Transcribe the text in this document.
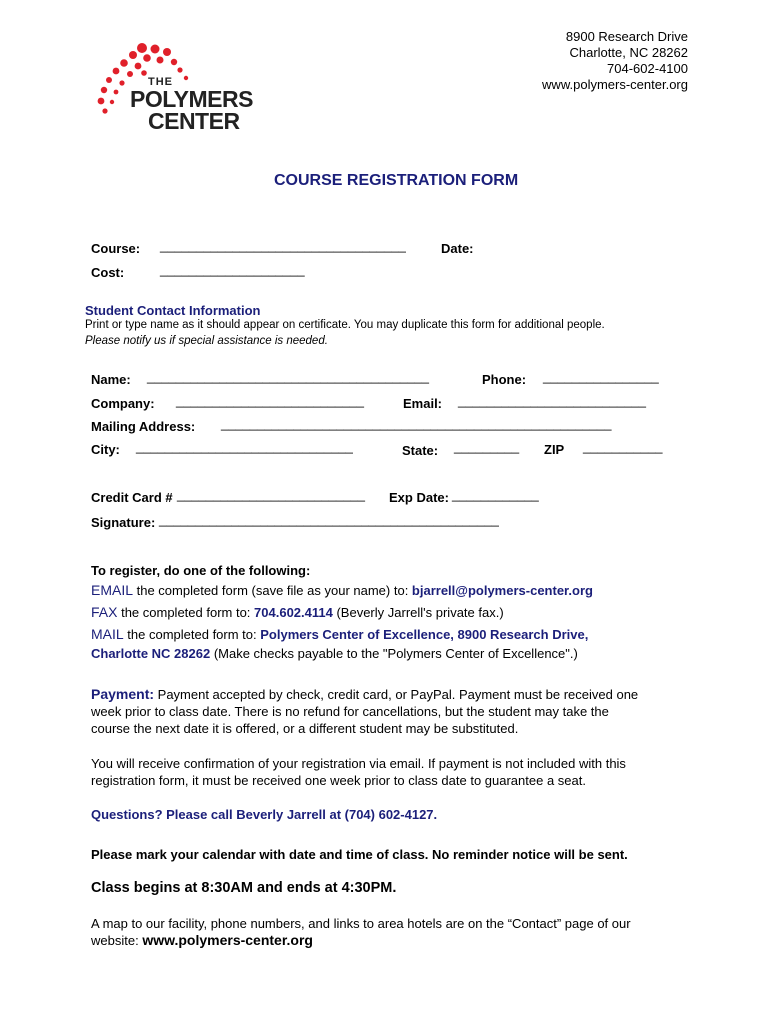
THE
POLYMERS
CENTER
8900 Research Drive
Charlotte, NC 28262
704-602-4100
www.polymers-center.org
COURSE REGISTRATION FORM
Course: __________________________________	Date:
Cost:	____________________
Student Contact Information
Print or type name as it should appear on certificate. You may duplicate this form for additional people.
Please notify us if special assistance is needed.
Name: _______________________________________	Phone: ________________
Company: __________________________	Email: __________________________
Mailing Address: ______________________________________________________
City: ______________________________	State: _________ ZIP ___________
Credit Card # __________________________ Exp Date: ____________
Signature: _______________________________________________
To register, do one of the following:
EMAIL the completed form (save file as your name) to: bjarrell@polymers-center.org
FAX the completed form to: 704.602.4114 (Beverly Jarrell's private fax.)
MAIL the completed form to: Polymers Center of Excellence, 8900 Research Drive,
Charlotte NC 28262 (Make checks payable to the "Polymers Center of Excellence".)

Payment: Payment accepted by check, credit card, or PayPal. Payment must be received one

week prior to class date. There is no refund for cancellations, but the student may take the

course the next date it is offered, or a different student may be substituted.

You will receive confirmation of your registration via email. If payment is not included with this

registration form, it must be received one week prior to class date to guarantee a seat.

Questions? Please call Beverly Jarrell at (704) 602-4127.
Please mark your calendar with date and time of class. No reminder notice will be sent.
Class begins at 8:30AM and ends at 4:30PM.

A map to our facility, phone numbers, and links to area hotels are on the “Contact” page of our

website: www.polymers-center.org
